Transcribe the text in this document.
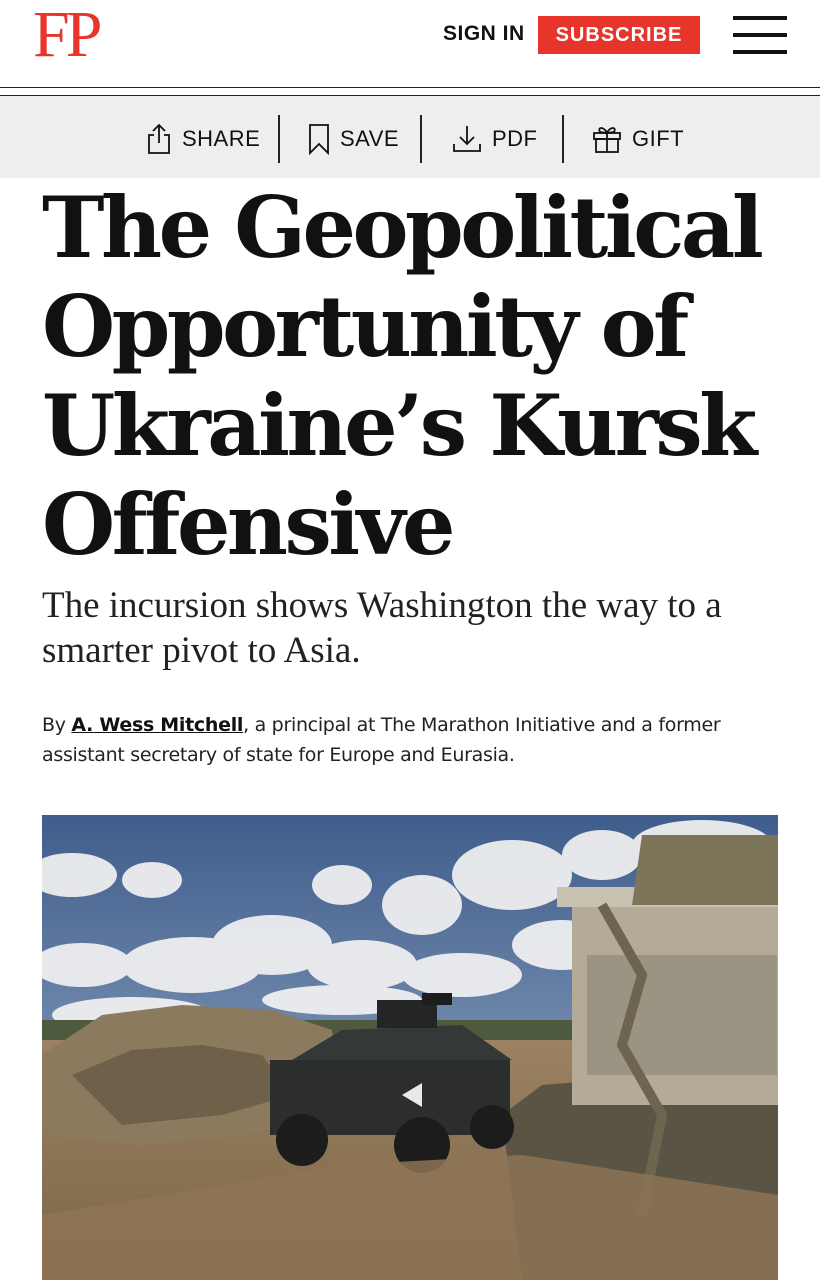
FP	SIGN IN	SUBSCRIBE
SHARE	SAVE	PDF	GIFT
The Geopolitical
Opportunity of
Ukraine’s Kursk
Offensive

The incursion shows Washington the way to a smarter pivot to Asia.

By A. Wess Mitchell, a principal at The Marathon Initiative and a former assistant secretary of state for Europe and Eurasia.
